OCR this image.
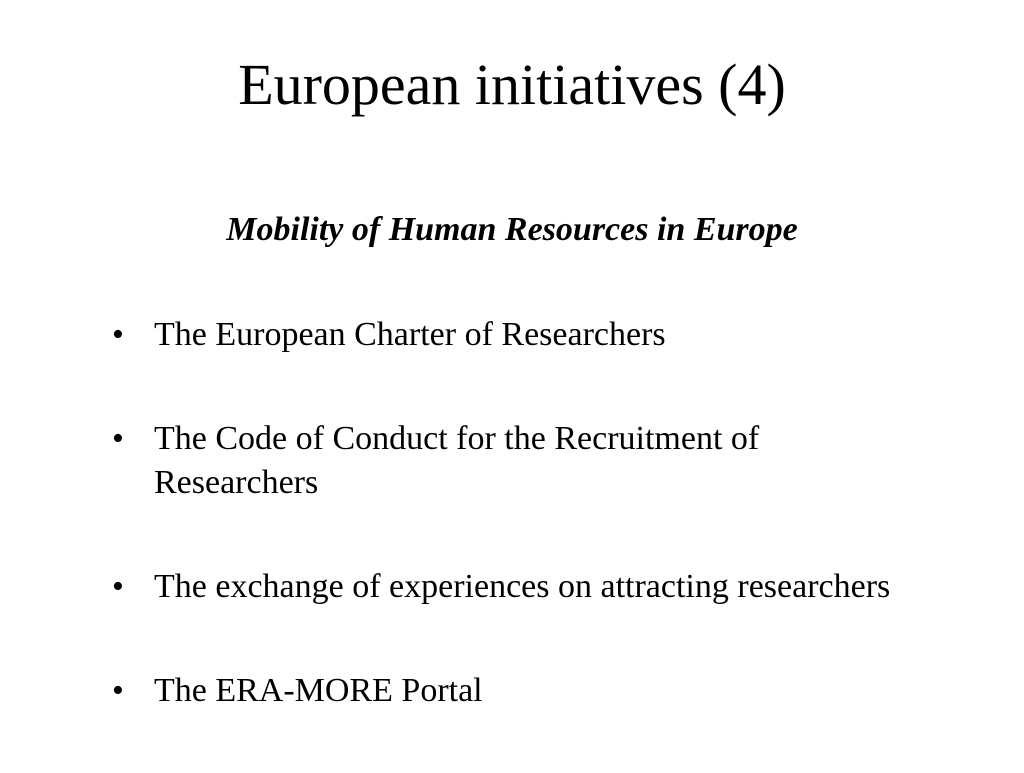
European initiatives (4)
Mobility of Human Resources in Europe
• The European Charter of Researchers
• The Code of Conduct for the Recruitment of Researchers
• The exchange of experiences on attracting researchers
• The ERA-MORE Portal
